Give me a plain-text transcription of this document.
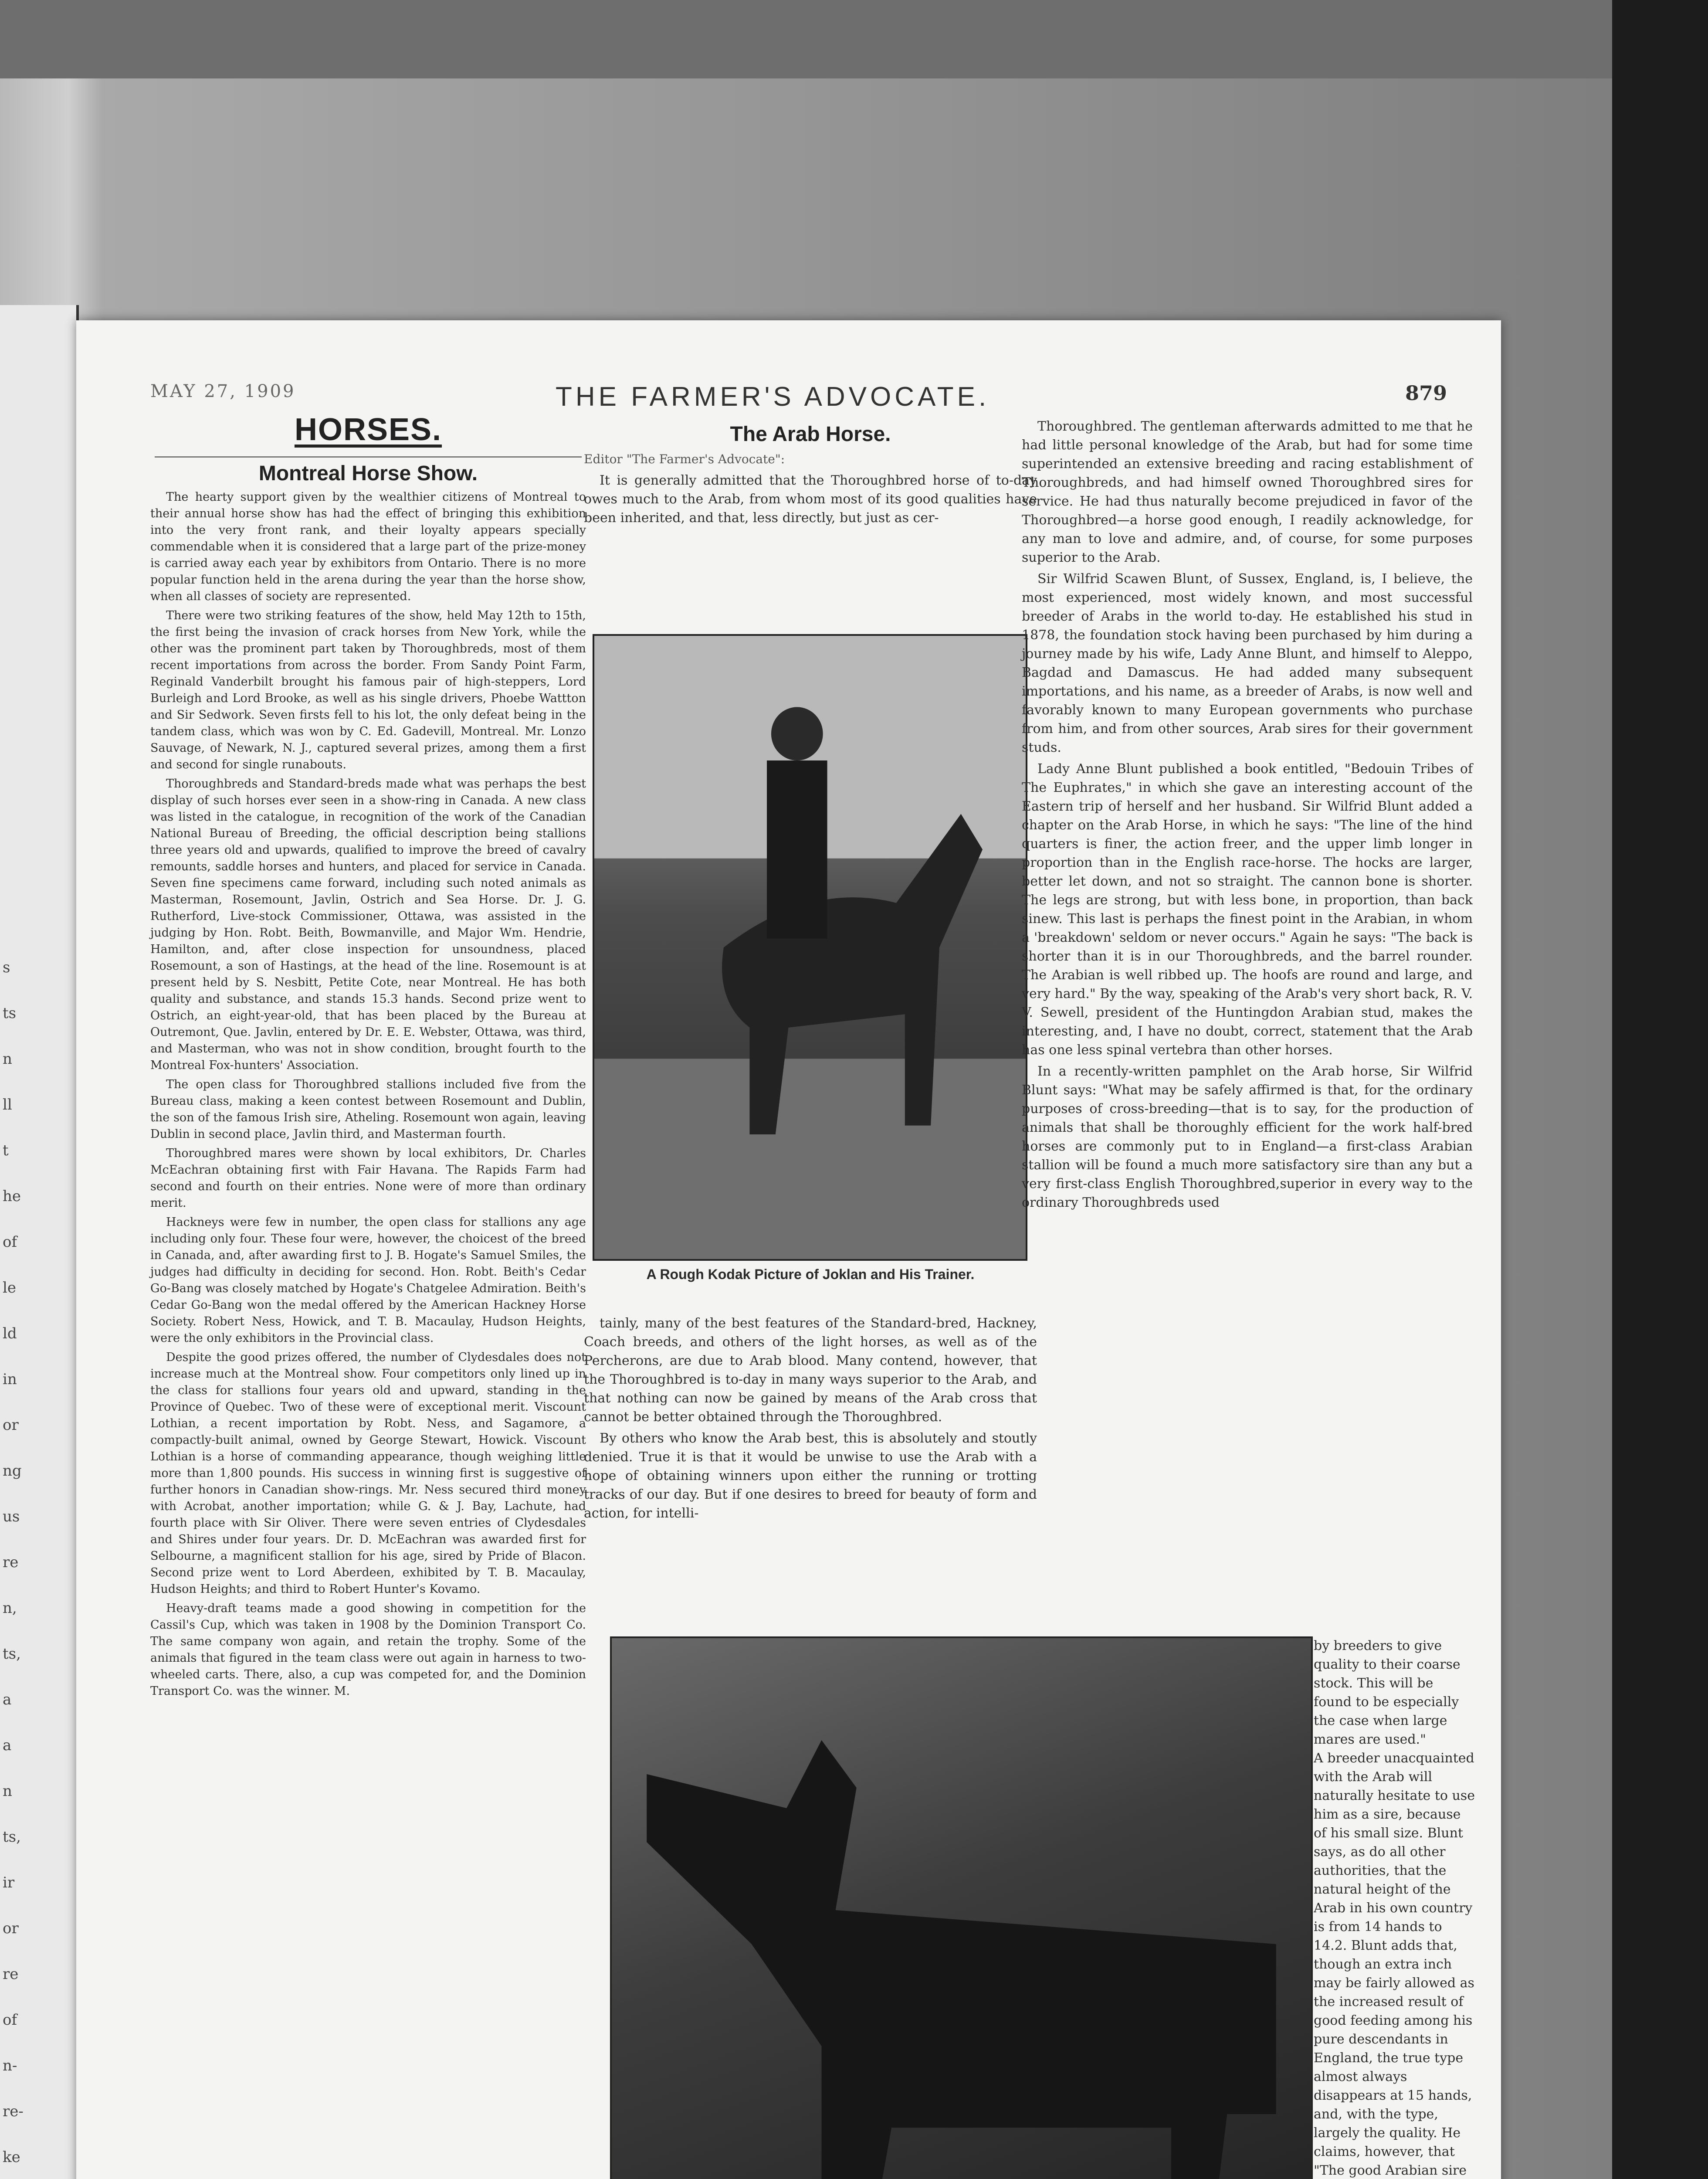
s
ts
n
ll
t
he
of
le
ld
in
or
ng
us
re
n,
ts,
a
a
n
ts,
ir
or
re
of
n-
re-
ke
MAY 27, 1909	THE FARMER'S ADVOCATE.	879
HORSES.
Montreal Horse Show.

The hearty support given by the wealthier citizens of Montreal to their annual horse show has had the effect of bringing this exhibition into the very front rank, and their loyalty appears specially commendable when it is considered that a large part of the prize-money is carried away each year by exhibitors from Ontario. There is no more popular function held in the arena during the year than the horse show, when all classes of society are represented.

There were two striking features of the show, held May 12th to 15th, the first being the invasion of crack horses from New York, while the other was the prominent part taken by Thoroughbreds, most of them recent importations from across the border. From Sandy Point Farm, Reginald Vanderbilt brought his famous pair of high-steppers, Lord Burleigh and Lord Brooke, as well as his single drivers, Phoebe Wattton and Sir Sedwork. Seven firsts fell to his lot, the only defeat being in the tandem class, which was won by C. Ed. Gadevill, Montreal. Mr. Lonzo Sauvage, of Newark, N. J., captured several prizes, among them a first and second for single runabouts.

Thoroughbreds and Standard-breds made what was perhaps the best display of such horses ever seen in a show-ring in Canada. A new class was listed in the catalogue, in recognition of the work of the Canadian National Bureau of Breeding, the official description being stallions three years old and upwards, qualified to improve the breed of cavalry remounts, saddle horses and hunters, and placed for service in Canada. Seven fine specimens came forward, including such noted animals as Masterman, Rosemount, Javlin, Ostrich and Sea Horse. Dr. J. G. Rutherford, Live-stock Commissioner, Ottawa, was assisted in the judging by Hon. Robt. Beith, Bowmanville, and Major Wm. Hendrie, Hamilton, and, after close inspection for unsoundness, placed Rosemount, a son of Hastings, at the head of the line. Rosemount is at present held by S. Nesbitt, Petite Cote, near Montreal. He has both quality and substance, and stands 15.3 hands. Second prize went to Ostrich, an eight-year-old, that has been placed by the Bureau at Outremont, Que. Javlin, entered by Dr. E. E. Webster, Ottawa, was third, and Masterman, who was not in show condition, brought fourth to the Montreal Fox-hunters' Association.

The open class for Thoroughbred stallions included five from the Bureau class, making a keen contest between Rosemount and Dublin, the son of the famous Irish sire, Atheling. Rosemount won again, leaving Dublin in second place, Javlin third, and Masterman fourth.

Thoroughbred mares were shown by local exhibitors, Dr. Charles McEachran obtaining first with Fair Havana. The Rapids Farm had second and fourth on their entries. None were of more than ordinary merit.

Hackneys were few in number, the open class for stallions any age including only four. These four were, however, the choicest of the breed in Canada, and, after awarding first to J. B. Hogate's Samuel Smiles, the judges had difficulty in deciding for second. Hon. Robt. Beith's Cedar Go-Bang was closely matched by Hogate's Chatgelee Admiration. Beith's Cedar Go-Bang won the medal offered by the American Hackney Horse Society. Robert Ness, Howick, and T. B. Macaulay, Hudson Heights, were the only exhibitors in the Provincial class.

Despite the good prizes offered, the number of Clydesdales does not increase much at the Montreal show. Four competitors only lined up in the class for stallions four years old and upward, standing in the Province of Quebec. Two of these were of exceptional merit. Viscount Lothian, a recent importation by Robt. Ness, and Sagamore, a compactly-built animal, owned by George Stewart, Howick. Viscount Lothian is a horse of commanding appearance, though weighing little more than 1,800 pounds. His success in winning first is suggestive of further honors in Canadian show-rings. Mr. Ness secured third money with Acrobat, another importation; while G. & J. Bay, Lachute, had fourth place with Sir Oliver. There were seven entries of Clydesdales and Shires under four years. Dr. D. McEachran was awarded first for Selbourne, a magnificent stallion for his age, sired by Pride of Blacon. Second prize went to Lord Aberdeen, exhibited by T. B. Macaulay, Hudson Heights; and third to Robert Hunter's Kovamo.

Heavy-draft teams made a good showing in competition for the Cassil's Cup, which was taken in 1908 by the Dominion Transport Co. The same company won again, and retain the trophy. Some of the animals that figured in the team class were out again in harness to two-wheeled carts. There, also, a cup was competed for, and the Dominion Transport Co. was the winner. M.

The Arab Horse.
Editor "The Farmer's Advocate":

It is generally admitted that the Thoroughbred horse of to-day owes much to the Arab, from whom most of its good qualities have been inherited, and that, less directly, but just as cer-

A Rough Kodak Picture of Joklan and His Trainer.

tainly, many of the best features of the Standard-bred, Hackney, Coach breeds, and others of the light horses, as well as of the Percherons, are due to Arab blood. Many contend, however, that the Thoroughbred is to-day in many ways superior to the Arab, and that nothing can now be gained by means of the Arab cross that cannot be better obtained through the Thoroughbred.

By others who know the Arab best, this is absolutely and stoutly denied. True it is that it would be unwise to use the Arab with a hope of obtaining winners upon either the running or trotting tracks of our day. But if one desires to breed for beauty of form and action, for intelli-

Thoroughbred. The gentleman afterwards admitted to me that he had little personal knowledge of the Arab, but had for some time superintended an extensive breeding and racing establishment of Thoroughbreds, and had himself owned Thoroughbred sires for service. He had thus naturally become prejudiced in favor of the Thoroughbred—a horse good enough, I readily acknowledge, for any man to love and admire, and, of course, for some purposes superior to the Arab.

Sir Wilfrid Scawen Blunt, of Sussex, England, is, I believe, the most experienced, most widely known, and most successful breeder of Arabs in the world to-day. He established his stud in 1878, the foundation stock having been purchased by him during a journey made by his wife, Lady Anne Blunt, and himself to Aleppo, Bagdad and Damascus. He had added many subsequent importations, and his name, as a breeder of Arabs, is now well and favorably known to many European governments who purchase from him, and from other sources, Arab sires for their government studs.

Lady Anne Blunt published a book entitled, "Bedouin Tribes of The Euphrates," in which she gave an interesting account of the Eastern trip of herself and her husband. Sir Wilfrid Blunt added a chapter on the Arab Horse, in which he says: "The line of the hind quarters is finer, the action freer, and the upper limb longer in proportion than in the English race-horse. The hocks are larger, better let down, and not so straight. The cannon bone is shorter. The legs are strong, but with less bone, in proportion, than back sinew. This last is perhaps the finest point in the Arabian, in whom a 'breakdown' seldom or never occurs." Again he says: "The back is shorter than it is in our Thoroughbreds, and the barrel rounder. The Arabian is well ribbed up. The hoofs are round and large, and very hard." By the way, speaking of the Arab's very short back, R. V. V. Sewell, president of the Huntingdon Arabian stud, makes the interesting, and, I have no doubt, correct, statement that the Arab has one less spinal vertebra than other horses.

In a recently-written pamphlet on the Arab horse, Sir Wilfrid Blunt says: "What may be safely affirmed is that, for the ordinary purposes of cross-breeding—that is to say, for the production of animals that shall be thoroughly efficient for the work half-bred horses are commonly put to in England—a first-class Arabian stallion will be found a much more satisfactory sire than any but a very first-class English Thoroughbred,superior in every way to the ordinary Thoroughbreds used

by breeders to give quality to their coarse stock. This will be found to be especially the case when large mares are used."
A breeder unacquainted with the Arab will naturally hesitate to use him as a sire, because of his small size. Blunt says, as do all other authorities, that the natural height of the Arab in his own country is from 14 hands to 14.2. Blunt adds that, though an extra inch may be fairly allowed as the increased result of good feeding among his pure descendants in England, the true type almost always disappears at 15 hands, and, with the type, largely the quality. He claims, however, that "The good Arabian sire
